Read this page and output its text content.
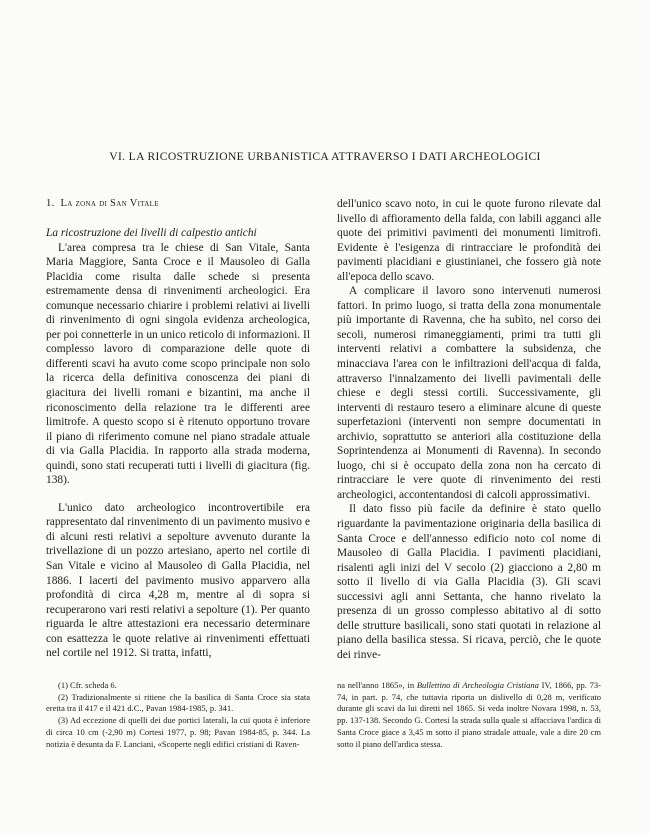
VI. LA RICOSTRUZIONE URBANISTICA ATTRAVERSO I DATI ARCHEOLOGICI
1. La zona di San Vitale

La ricostruzione dei livelli di calpestio antichi

L'area compresa tra le chiese di San Vitale, Santa Maria Maggiore, Santa Croce e il Mausoleo di Galla Placidia come risulta dalle schede si presenta estremamente densa di rinvenimenti archeologici. Era comunque necessario chiarire i problemi relativi ai livelli di rinvenimento di ogni singola evidenza archeologica, per poi connetterle in un unico reticolo di informazioni. Il complesso lavoro di comparazione delle quote di differenti scavi ha avuto come scopo principale non solo la ricerca della definitiva conoscenza dei piani di giacitura dei livelli romani e bizantini, ma anche il riconoscimento della relazione tra le differenti aree limitrofe. A questo scopo si è ritenuto opportuno trovare il piano di riferimento comune nel piano stradale attuale di via Galla Placidia. In rapporto alla strada moderna, quindi, sono stati recuperati tutti i livelli di giacitura (fig. 138).

L'unico dato archeologico incontrovertibile era rappresentato dal rinvenimento di un pavimento musivo e di alcuni resti relativi a sepolture avvenuto durante la trivellazione di un pozzo artesiano, aperto nel cortile di San Vitale e vicino al Mausoleo di Galla Placidia, nel 1886. I lacerti del pavimento musivo apparvero alla profondità di circa 4,28 m, mentre al di sopra si recuperarono vari resti relativi a sepolture (1). Per quanto riguarda le altre attestazioni era necessario determinare con esattezza le quote relative ai rinvenimenti effettuati nel cortile nel 1912. Si tratta, infatti,

dell'unico scavo noto, in cui le quote furono rilevate dal livello di affioramento della falda, con labili agganci alle quote dei primitivi pavimenti dei monumenti limitrofi. Evidente è l'esigenza di rintracciare le profondità dei pavimenti placidiani e giustinianei, che fossero già note all'epoca dello scavo.

A complicare il lavoro sono intervenuti numerosi fattori. In primo luogo, si tratta della zona monumentale più importante di Ravenna, che ha subìto, nel corso dei secoli, numerosi rimaneggiamenti, primi tra tutti gli interventi relativi a combattere la subsidenza, che minacciava l'area con le infiltrazioni dell'acqua di falda, attraverso l'innalzamento dei livelli pavimentali delle chiese e degli stessi cortili. Successivamente, gli interventi di restauro tesero a eliminare alcune di queste superfetazioni (interventi non sempre documentati in archivio, soprattutto se anteriori alla costituzione della Soprintendenza ai Monumenti di Ravenna). In secondo luogo, chi si è occupato della zona non ha cercato di rintracciare le vere quote di rinvenimento dei resti archeologici, accontentandosi di calcoli approssimativi.

Il dato fisso più facile da definire è stato quello riguardante la pavimentazione originaria della basilica di Santa Croce e dell'annesso edificio noto col nome di Mausoleo di Galla Placidia. I pavimenti placidiani, risalenti agli inizi del V secolo (2) giacciono a 2,80 m sotto il livello di via Galla Placidia (3). Gli scavi successivi agli anni Settanta, che hanno rivelato la presenza di un grosso complesso abitativo al di sotto delle strutture basilicali, sono stati quotati in relazione al piano della basilica stessa. Si ricava, perciò, che le quote dei rinve-

(1) Cfr. scheda 6.

(2) Tradizionalmente si ritiene che la basilica di Santa Croce sia stata eretta tra il 417 e il 421 d.C., Pavan 1984-1985, p. 341.

(3) Ad eccezione di quelli dei due portici laterali, la cui quota è inferiore di circa 10 cm (-2,90 m) Cortesi 1977, p. 98; Pavan 1984-85, p. 344. La notizia è desunta da F. Lanciani, «Scoperte negli edifici cristiani di Raven-

na nell'anno 1865», in Bullettino di Archeologia Cristiana IV, 1866, pp. 73-74, in part. p. 74, che tuttavia riporta un dislivello di 0,28 m, verificato durante gli scavi da lui diretti nel 1865. Si veda inoltre Novara 1998, n. 53, pp. 137-138. Secondo G. Cortesi la strada sulla quale si affacciava l'ardica di Santa Croce giace a 3,45 m sotto il piano stradale attuale, vale a dire 20 cm sotto il piano dell'ardica stessa.
